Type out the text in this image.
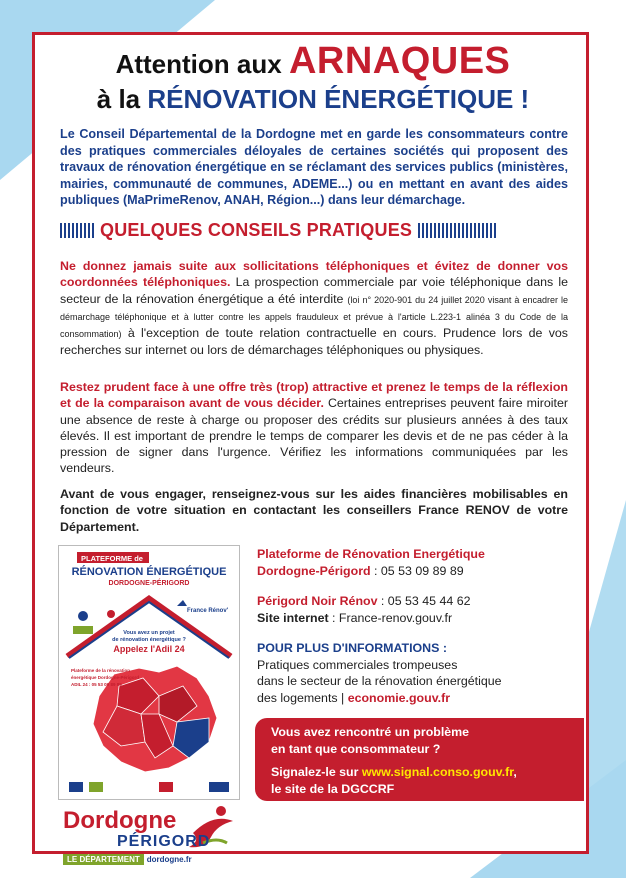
Attention aux ARNAQUES
à la RÉNOVATION ÉNERGÉTIQUE !
Le Conseil Départemental de la Dordogne met en garde les consommateurs contre des pratiques commerciales déloyales de certaines sociétés qui proposent des travaux de rénovation énergétique en se réclamant des services publics (ministères, mairies, communauté de communes, ADEME...) ou en mettant en avant des aides publiques (MaPrimeRenov, ANAH, Région...) dans leur démarchage.
QUELQUES CONSEILS PRATIQUES
Ne donnez jamais suite aux sollicitations téléphoniques et évitez de donner vos coordonnées téléphoniques. La prospection commerciale par voie téléphonique dans le secteur de la rénovation énergétique a été interdite (loi n° 2020-901 du 24 juillet 2020 visant à encadrer le démarchage téléphonique et à lutter contre les appels frauduleux et prévue à l'article L.223-1 alinéa 3 du Code de la consommation) à l'exception de toute relation contractuelle en cours. Prudence lors de vos recherches sur internet ou lors de démarchages téléphoniques ou physiques.
Restez prudent face à une offre très (trop) attractive et prenez le temps de la réflexion et de la comparaison avant de vous décider. Certaines entreprises peuvent faire miroiter une absence de reste à charge ou proposer des crédits sur plusieurs années à des taux élevés. Il est important de prendre le temps de comparer les devis et de ne pas céder à la pression de signer dans l'urgence. Vérifiez les informations communiquées par les vendeurs.
Avant de vous engager, renseignez-vous sur les aides financières mobilisables en fonction de votre situation en contactant les conseillers France RENOV de votre Département.
PLATEFORME de
RÉNOVATION ÉNERGÉTIQUE
DORDOGNE-PÉRIGORD
France Rénov'
Vous avez un projet
de rénovation énergétique ?
Appelez l'Adil 24
Plateforme de la rénovation
énergétique Dordogne-Périgord
ADIL 24 : 05 53 09 89 89
Plateforme de Rénovation Energétique
Dordogne-Périgord : 05 53 09 89 89
Périgord Noir Rénov : 05 53 45 44 62
Site internet : France-renov.gouv.fr
POUR PLUS D'INFORMATIONS :
Pratiques commerciales trompeuses
dans le secteur de la rénovation énergétique
des logements | economie.gouv.fr
Vous avez rencontré un problème
en tant que consommateur ?
Signalez-le sur www.signal.conso.gouv.fr,
le site de la DGCCRF
Dordogne
PÉRIGORD
LE DÉPARTEMENT dordogne.fr
